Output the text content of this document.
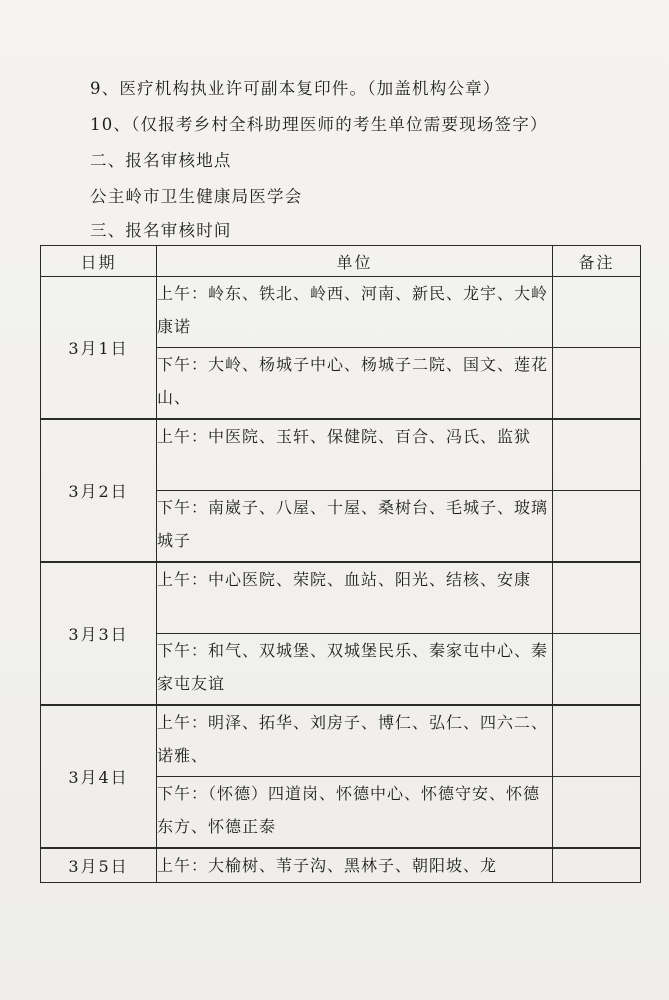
9、医疗机构执业许可副本复印件。（加盖机构公章）
10、（仅报考乡村全科助理医师的考生单位需要现场签字）
二、报名审核地点
公主岭市卫生健康局医学会
三、报名审核时间
日期	单位	备注
3月1日	上午：岭东、铁北、岭西、河南、新民、龙宇、大岭康诺	
	下午：大岭、杨城子中心、杨城子二院、国文、莲花山、	
3月2日	上午：中医院、玉轩、保健院、百合、冯氏、监狱	
	下午：南崴子、八屋、十屋、桑树台、毛城子、玻璃城子	
3月3日	上午：中心医院、荣院、血站、阳光、结核、安康	
	下午：和气、双城堡、双城堡民乐、秦家屯中心、秦家屯友谊	
3月4日	上午：明泽、拓华、刘房子、博仁、弘仁、四六二、诺雅、	
	下午：（怀德）四道岗、怀德中心、怀德守安、怀德东方、怀德正泰	
3月5日	上午：大榆树、苇子沟、黑林子、朝阳坡、龙	
